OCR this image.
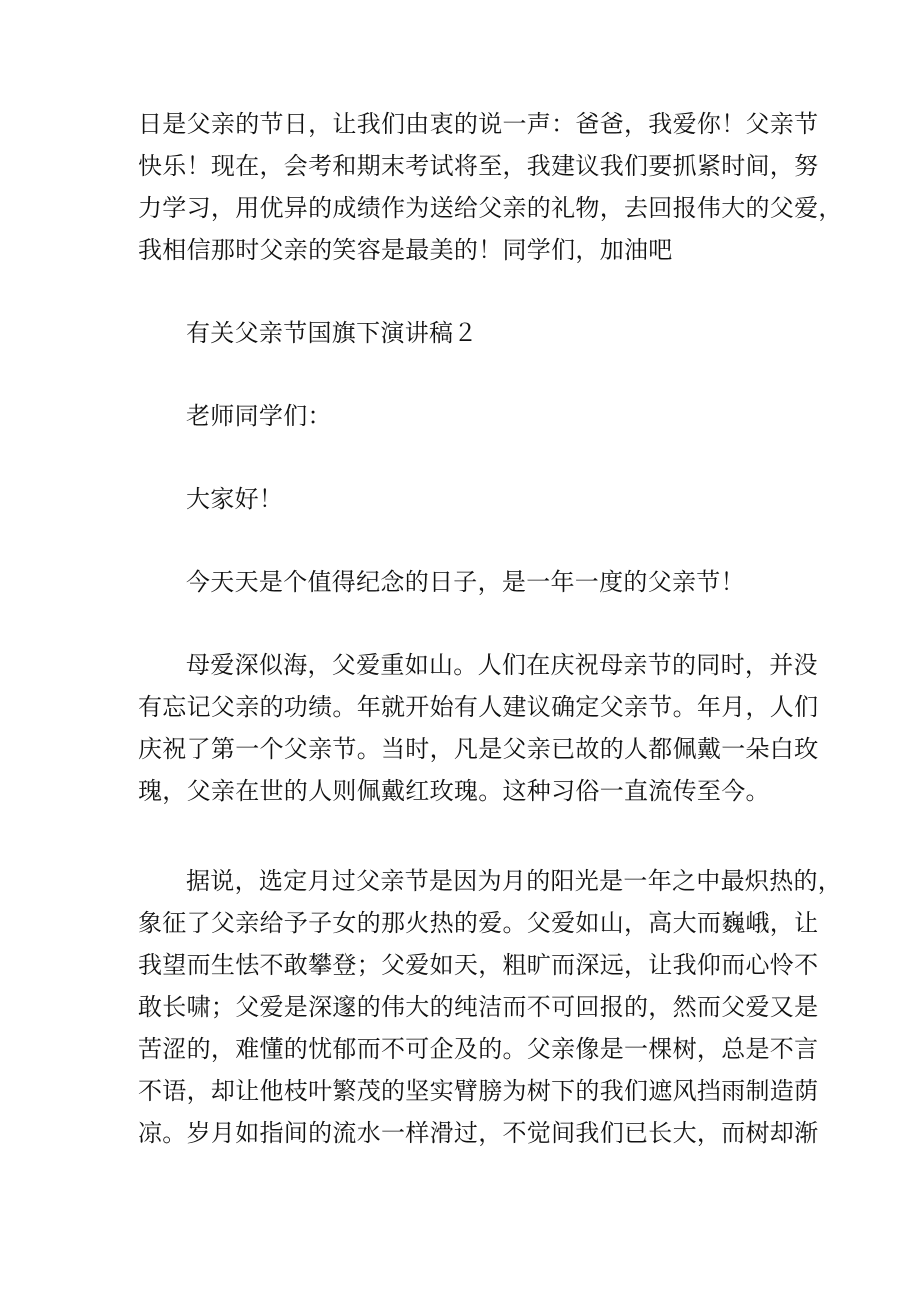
日是父亲的节日，让我们由衷的说一声：爸爸，我爱你！父亲节
快乐！现在，会考和期末考试将至，我建议我们要抓紧时间，努
力学习，用优异的成绩作为送给父亲的礼物，去回报伟大的父爱，
我相信那时父亲的笑容是最美的！同学们，加油吧
有关父亲节国旗下演讲稿２
老师同学们：
大家好！
今天天是个值得纪念的日子，是一年一度的父亲节！
母爱深似海，父爱重如山。人们在庆祝母亲节的同时，并没
有忘记父亲的功绩。年就开始有人建议确定父亲节。年月，人们
庆祝了第一个父亲节。当时，凡是父亲已故的人都佩戴一朵白玫
瑰，父亲在世的人则佩戴红玫瑰。这种习俗一直流传至今。
据说，选定月过父亲节是因为月的阳光是一年之中最炽热的，
象征了父亲给予子女的那火热的爱。父爱如山，高大而巍峨，让
我望而生怯不敢攀登；父爱如天，粗旷而深远，让我仰而心怜不
敢长啸；父爱是深邃的伟大的纯洁而不可回报的，然而父爱又是
苦涩的，难懂的忧郁而不可企及的。父亲像是一棵树，总是不言
不语，却让他枝叶繁茂的坚实臂膀为树下的我们遮风挡雨制造荫
凉。岁月如指间的流水一样滑过，不觉间我们已长大，而树却渐
